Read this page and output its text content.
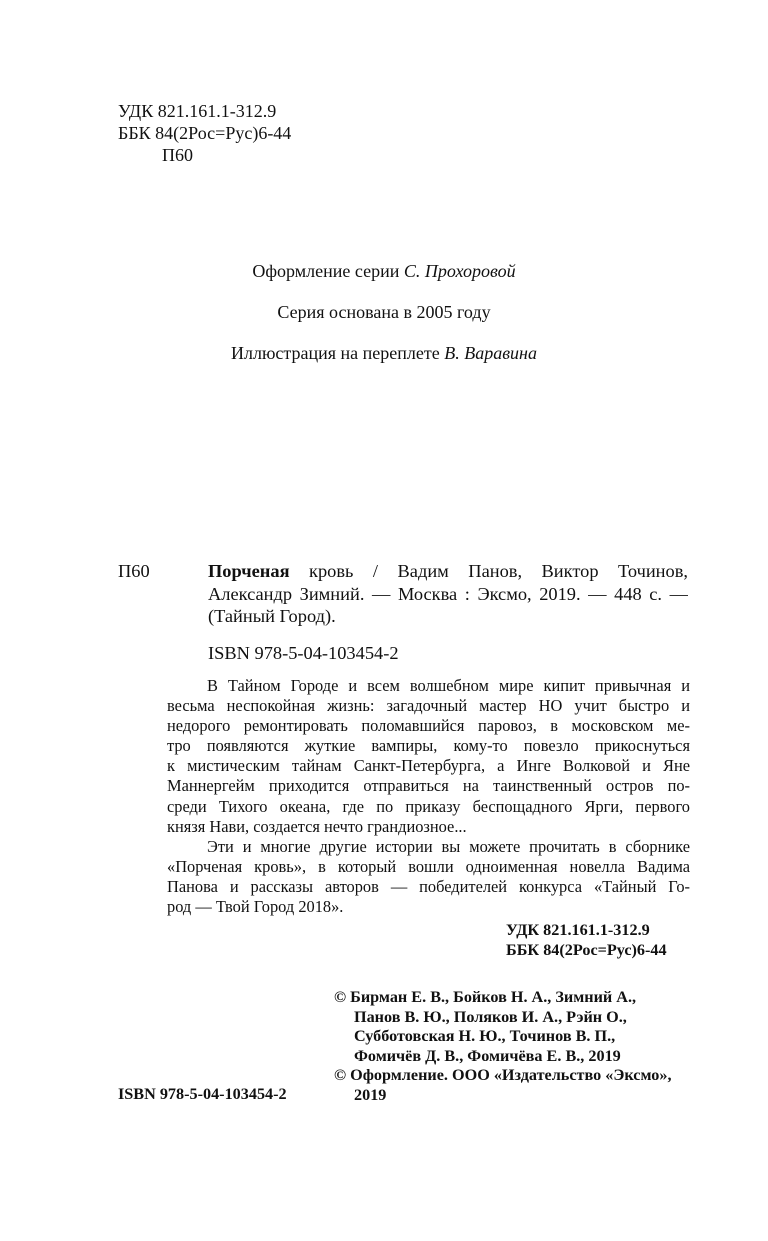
УДК 821.161.1-312.9
ББК 84(2Рос=Рус)6-44
П60
Оформление серии С. Прохоровой
Серия основана в 2005 году
Иллюстрация на переплете В. Варавина
П60	Порченая кровь / Вадим Панов, Виктор Точинов,
Александр Зимний. — Москва : Эксмо, 2019. — 448 с. —
(Тайный Город).
ISBN 978-5-04-103454-2
В Тайном Городе и всем волшебном мире кипит привычная и
весьма неспокойная жизнь: загадочный мастер НО учит быстро и
недорого ремонтировать поломавшийся паровоз, в московском ме-
тро появляются жуткие вампиры, кому-то повезло прикоснуться
к мистическим тайнам Санкт-Петербурга, а Инге Волковой и Яне
Маннергейм приходится отправиться на таинственный остров по-
среди Тихого океана, где по приказу беспощадного Ярги, первого
князя Нави, создается нечто грандиозное...
Эти и многие другие истории вы можете прочитать в сборнике
«Порченая кровь», в который вошли одноименная новелла Вадима
Панова и рассказы авторов — победителей конкурса «Тайный Го-
род — Твой Город 2018».
УДК 821.161.1-312.9
ББК 84(2Рос=Рус)6-44
© Бирман Е. В., Бойков Н. А., Зимний А.,
Панов В. Ю., Поляков И. А., Рэйн О.,
Субботовская Н. Ю., Точинов В. П.,
Фомичёв Д. В., Фомичёва Е. В., 2019
© Оформление. ООО «Издательство «Эксмо»,
2019
ISBN 978-5-04-103454-2
